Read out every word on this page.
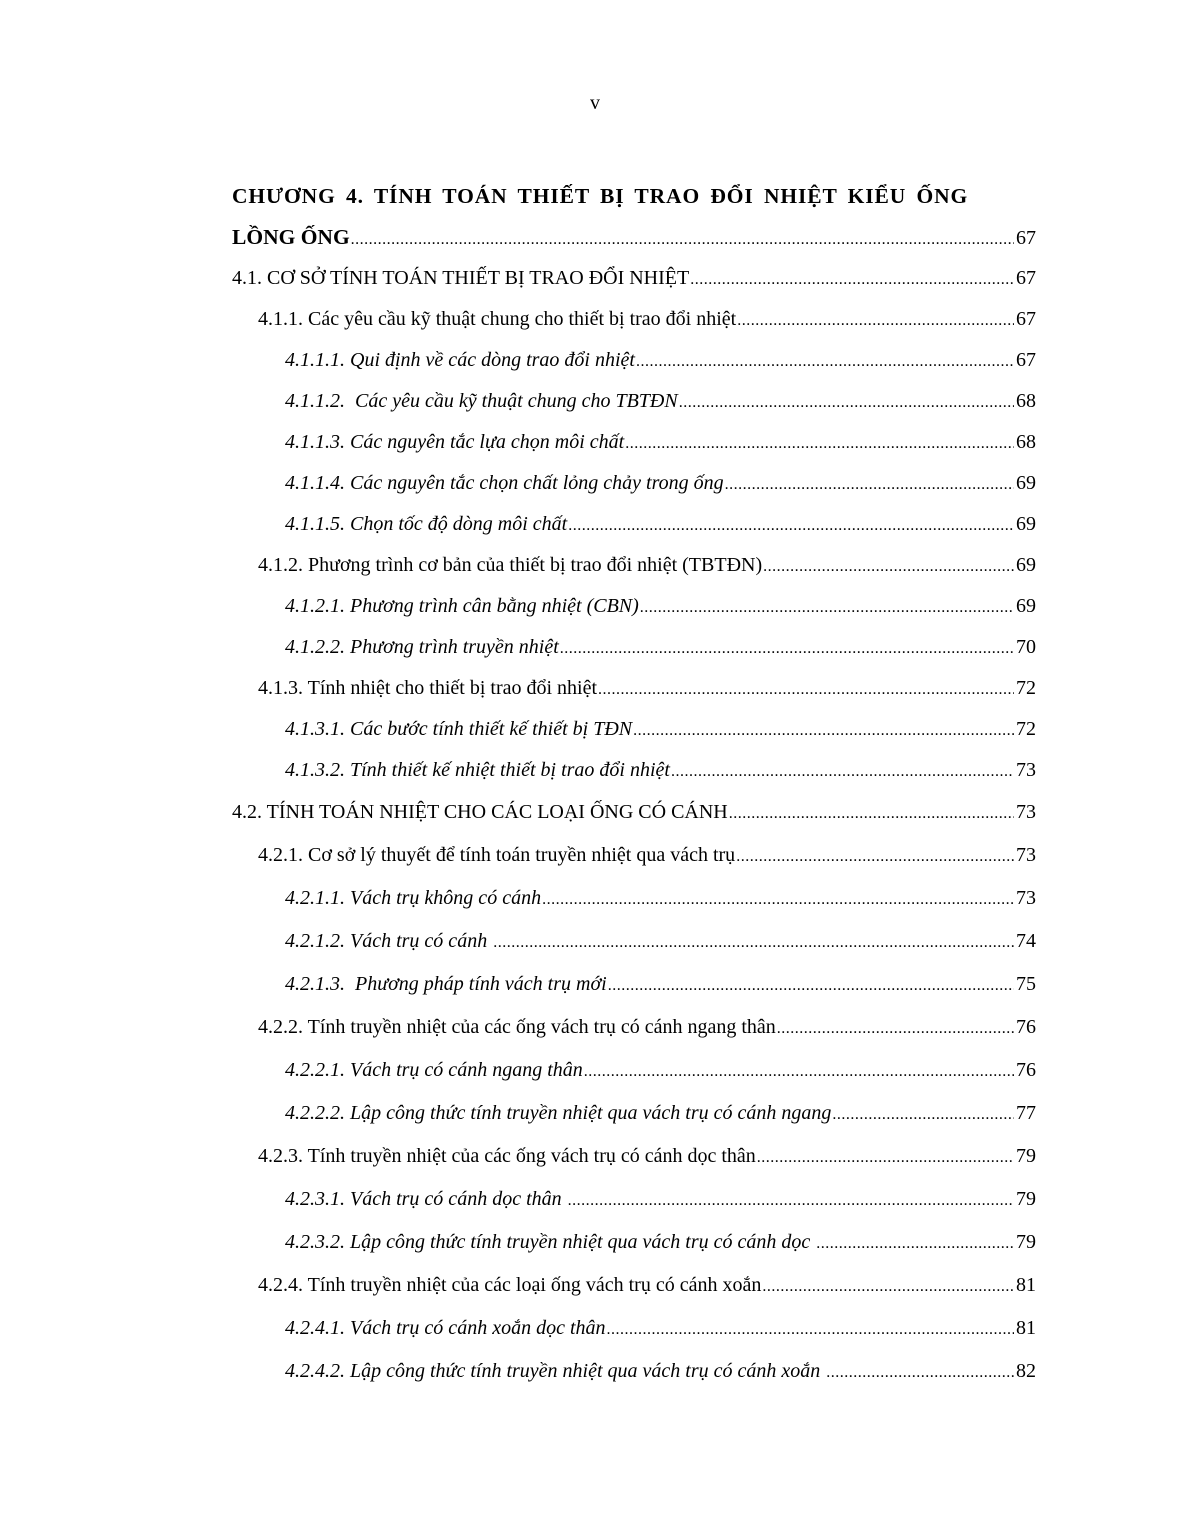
v
CHƯƠNG 4. TÍNH TOÁN THIẾT BỊ TRAO ĐỔI NHIỆT KIỂU ỐNG
LỒNG ỐNG .....	67
4.1. CƠ SỞ TÍNH TOÁN THIẾT BỊ TRAO ĐỔI NHIỆT .....	67
4.1.1. Các yêu cầu kỹ thuật chung cho thiết bị trao đổi nhiệt .....	67
4.1.1.1. Qui định về các dòng trao đổi nhiệt .....	67
4.1.1.2.  Các yêu cầu kỹ thuật chung cho TBTĐN .....	68
4.1.1.3. Các nguyên tắc lựa chọn môi chất .....	68
4.1.1.4. Các nguyên tắc chọn chất lỏng chảy trong ống .....	69
4.1.1.5. Chọn tốc độ dòng môi chất .....	69
4.1.2. Phương trình cơ bản của thiết bị trao đổi nhiệt (TBTĐN) .....	69
4.1.2.1. Phương trình cân bằng nhiệt (CBN) .....	69
4.1.2.2. Phương trình truyền nhiệt .....	70
4.1.3. Tính nhiệt cho thiết bị trao đổi nhiệt .....	72
4.1.3.1. Các bước tính thiết kế thiết bị TĐN .....	72
4.1.3.2. Tính thiết kế nhiệt thiết bị trao đổi nhiệt .....	73
4.2. TÍNH TOÁN NHIỆT CHO CÁC LOẠI ỐNG CÓ CÁNH .....	73
4.2.1. Cơ sở lý thuyết để tính toán truyền nhiệt qua vách trụ .....	73
4.2.1.1. Vách trụ không có cánh .....	73
4.2.1.2. Vách trụ có cánh .....	74
4.2.1.3.  Phương pháp tính vách trụ mới .....	75
4.2.2. Tính truyền nhiệt của các ống vách trụ có cánh ngang thân .....	76
4.2.2.1. Vách trụ có cánh ngang thân .....	76
4.2.2.2. Lập công thức tính truyền nhiệt qua vách trụ có cánh ngang .....	77
4.2.3. Tính truyền nhiệt của các ống vách trụ có cánh dọc thân .....	79
4.2.3.1. Vách trụ có cánh dọc thân .....	79
4.2.3.2. Lập công thức tính truyền nhiệt qua vách trụ có cánh dọc .....	79
4.2.4. Tính truyền nhiệt của các loại ống vách trụ có cánh xoắn .....	81
4.2.4.1. Vách trụ có cánh xoắn dọc thân .....	81
4.2.4.2. Lập công thức tính truyền nhiệt qua vách trụ có cánh xoắn .....	82
